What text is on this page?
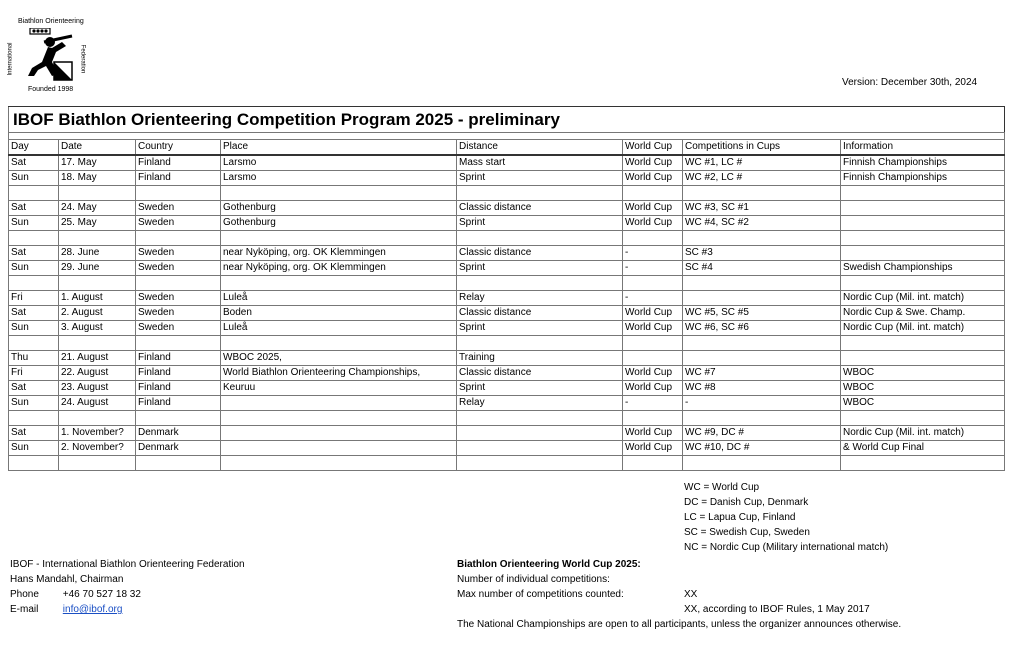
Biathlon Orienteering
International	Federation
Founded 1998
Version: December 30th, 2024
IBOF Biathlon Orienteering Competition Program 2025 - preliminary							

Day	Date	Country	Place	Distance	World Cup	Competitions in Cups	Information
Sat	17. May	Finland	Larsmo	Mass start	World Cup	WC #1, LC #	Finnish Championships
Sun	18. May	Finland	Larsmo	Sprint	World Cup	WC #2, LC #	Finnish Championships

Sat	24. May	Sweden	Gothenburg	Classic distance	World Cup	WC #3, SC #1	
Sun	25. May	Sweden	Gothenburg	Sprint	World Cup	WC #4, SC #2	

Sat	28. June	Sweden	near Nyköping, org. OK Klemmingen	Classic distance	-	SC #3	
Sun	29. June	Sweden	near Nyköping, org. OK Klemmingen	Sprint	-	SC #4	Swedish Championships

Fri	1. August	Sweden	Luleå	Relay	-		Nordic Cup (Mil. int. match)
Sat	2. August	Sweden	Boden	Classic distance	World Cup	WC #5, SC #5	Nordic Cup & Swe. Champ.
Sun	3. August	Sweden	Luleå	Sprint	World Cup	WC #6, SC #6	Nordic Cup (Mil. int. match)

Thu	21. August	Finland	WBOC 2025,	Training			
Fri	22. August	Finland	World Biathlon Orienteering Championships,	Classic distance	World Cup	WC #7	WBOC
Sat	23. August	Finland	Keuruu	Sprint	World Cup	WC #8	WBOC
Sun	24. August	Finland		Relay	-	-	WBOC

Sat	1. November?	Denmark			World Cup	WC #9, DC #	Nordic Cup (Mil. int. match)
Sun	2. November?	Denmark			World Cup	WC #10, DC #	& World Cup Final

WC = World Cup
DC = Danish Cup, Denmark
LC = Lapua Cup, Finland
SC = Swedish Cup, Sweden
NC = Nordic Cup (Military international match)
IBOF - International Biathlon Orienteering Federation
Hans Mandahl, Chairman
Phone +46 70 527 18 32
E-mail info@ibof.org
Biathlon Orienteering World Cup 2025:
Number of individual competitions:
Max number of competitions counted:	XX
XX, according to IBOF Rules, 1 May 2017
The National Championships are open to all participants, unless the organizer announces otherwise.
